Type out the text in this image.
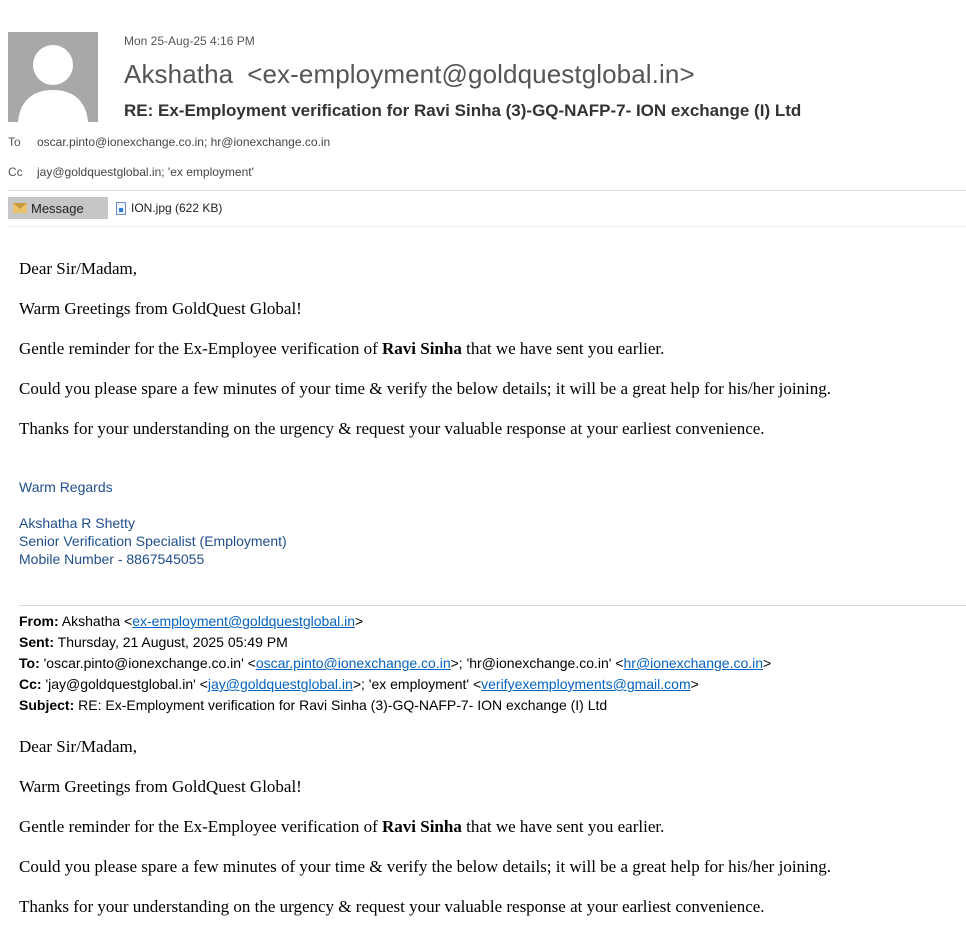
Mon 25-Aug-25 4:16 PM
Akshatha <ex-employment@goldquestglobal.in>
RE: Ex-Employment verification for Ravi Sinha (3)-GQ-NAFP-7- ION exchange (I) Ltd
To oscar.pinto@ionexchange.co.in; hr@ionexchange.co.in
Cc jay@goldquestglobal.in; 'ex employment'
Message	ION.jpg (622 KB)
Dear Sir/Madam,
Warm Greetings from GoldQuest Global!
Gentle reminder for the Ex-Employee verification of Ravi Sinha that we have sent you earlier.
Could you please spare a few minutes of your time & verify the below details; it will be a great help for his/her joining.
Thanks for your understanding on the urgency & request your valuable response at your earliest convenience.
Warm Regards
Akshatha R Shetty
Senior Verification Specialist (Employment)
Mobile Number - 8867545055
From: Akshatha <ex-employment@goldquestglobal.in>
Sent: Thursday, 21 August, 2025 05:49 PM
To: 'oscar.pinto@ionexchange.co.in' <oscar.pinto@ionexchange.co.in>; 'hr@ionexchange.co.in' <hr@ionexchange.co.in>
Cc: 'jay@goldquestglobal.in' <jay@goldquestglobal.in>; 'ex employment' <verifyexemployments@gmail.com>
Subject: RE: Ex-Employment verification for Ravi Sinha (3)-GQ-NAFP-7- ION exchange (I) Ltd
Dear Sir/Madam,
Warm Greetings from GoldQuest Global!
Gentle reminder for the Ex-Employee verification of Ravi Sinha that we have sent you earlier.
Could you please spare a few minutes of your time & verify the below details; it will be a great help for his/her joining.
Thanks for your understanding on the urgency & request your valuable response at your earliest convenience.
